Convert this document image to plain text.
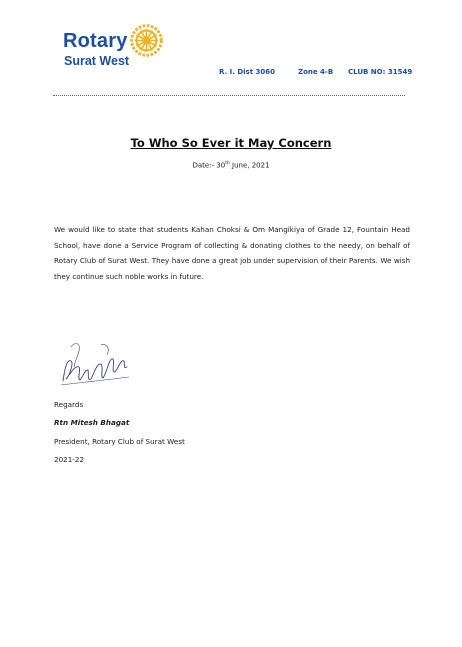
Rotary
Surat West
R. I. Dist 3060	Zone 4-B CLUB NO: 31549
To Who So Ever it May Concern
Date:- 30th June, 2021
We would like to state that students Kahan Choksi & Om Mangikiya of Grade 12, Fountain Head School, have done a Service Program of collecting & donating clothes to the needy, on behalf of Rotary Club of Surat West. They have done a great job under supervision of their Parents. We wish they continue such noble works in future.
Regards
Rtn Mitesh Bhagat
President, Rotary Club of Surat West
2021-22
